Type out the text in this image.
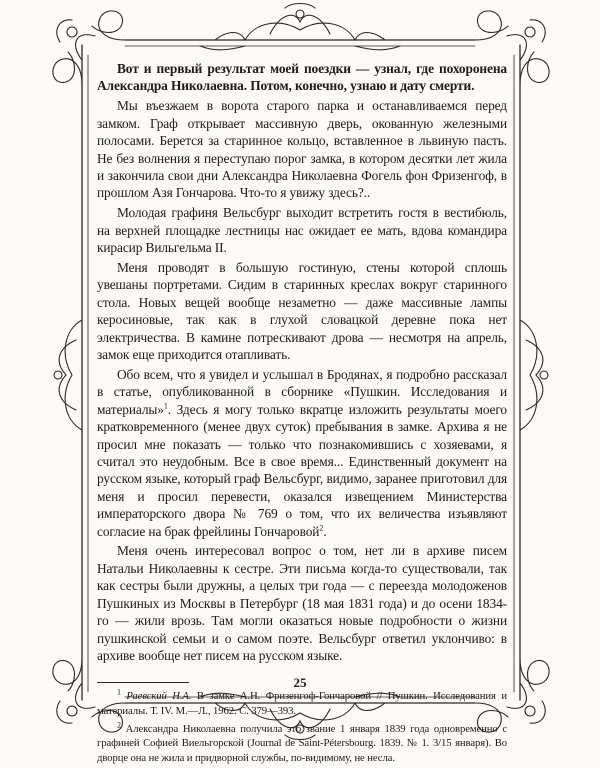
Вот и первый результат моей поездки — узнал, где похоронена Александра Николаевна. Потом, конечно, узнаю и дату смерти.

Мы въезжаем в ворота старого парка и останавливаемся перед замком. Граф открывает массивную дверь, окованную железными полосами. Берется за старинное кольцо, вставленное в львиную пасть. Не без волнения я переступаю порог замка, в котором десятки лет жила и закончила свои дни Александра Николаевна Фогель фон Фризенгоф, в прошлом Азя Гончарова. Что-то я увижу здесь?..

Молодая графиня Вельсбург выходит встретить гостя в вестибюль, на верхней площадке лестницы нас ожидает ее мать, вдова командира кирасир Вильгельма II.

Меня проводят в большую гостиную, стены которой сплошь увешаны портретами. Сидим в старинных креслах вокруг старинного стола. Новых вещей вообще незаметно — даже массивные лампы керосиновые, так как в глухой словацкой деревне пока нет электричества. В камине потрескивают дрова — несмотря на апрель, замок еще приходится отапливать.

Обо всем, что я увидел и услышал в Бродянах, я подробно рассказал в статье, опубликованной в сборнике «Пушкин. Исследования и материалы»$^1$. Здесь я могу только вкратце изложить результаты моего кратковременного (менее двух суток) пребывания в замке. Архива я не просил мне показать — только что познакомившись с хозяевами, я считал это неудобным. Все в свое время... Единственный документ на русском языке, который граф Вельсбург, видимо, заранее приготовил для меня и просил перевести, оказался извещением Министерства императорского двора № 769 о том, что их величества изъявляют согласие на брак фрейлины Гончаровой$^2$.

Меня очень интересовал вопрос о том, нет ли в архиве писем Натальи Николаевны к сестре. Эти письма когда-то существовали, так как сестры были дружны, а целых три года — с переезда молодоженов Пушкиных из Москвы в Петербург (18 мая 1831 года) и до осени 1834-го — жили врозь. Там могли оказаться новые подробности о жизни пушкинской семьи и о самом поэте. Вельсбург ответил уклончиво: в архиве вообще нет писем на русском языке.

$^1$ Раевский Н.А. В замке А.Н. Фризенгоф-Гончаровой // Пушкин. Исследования и материалы. Т. IV. М.—Л., 1962. С. 379—393.

$^2$ Александра Николаевна получила это звание 1 января 1839 года одновременно с графиней Софией Виельгорской (Journal de Saint-Pétersbourg. 1839. № 1. 3/15 января). Во дворце она не жила и придворной службы, по-видимому, не несла.

25
